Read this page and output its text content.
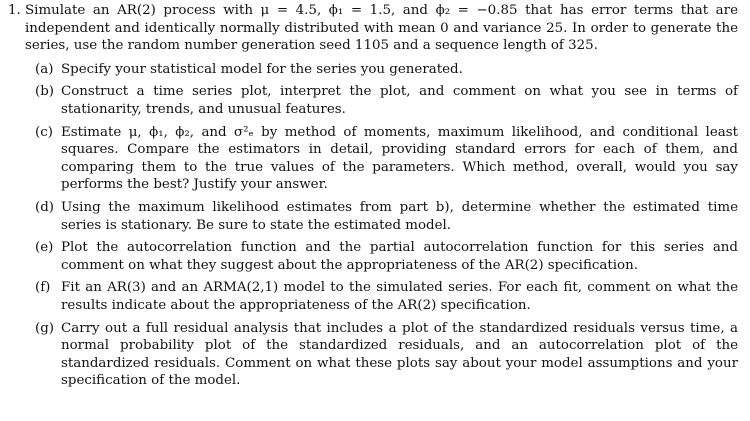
1. Simulate an AR(2) process with μ = 4.5, ϕ₁ = 1.5, and ϕ₂ = −0.85 that has error terms that are independent and identically normally distributed with mean 0 and variance 25. In order to generate the series, use the random number generation seed 1105 and a sequence length of 325.
(a) Specify your statistical model for the series you generated.
(b) Construct a time series plot, interpret the plot, and comment on what you see in terms of stationarity, trends, and unusual features.
(c) Estimate μ, ϕ₁, ϕ₂, and σ²ₑ by method of moments, maximum likelihood, and conditional least squares. Compare the estimators in detail, providing standard errors for each of them, and comparing them to the true values of the parameters. Which method, overall, would you say performs the best? Justify your answer.
(d) Using the maximum likelihood estimates from part b), determine whether the estimated time series is stationary. Be sure to state the estimated model.
(e) Plot the autocorrelation function and the partial autocorrelation function for this series and comment on what they suggest about the appropriateness of the AR(2) specification.
(f) Fit an AR(3) and an ARMA(2,1) model to the simulated series. For each fit, comment on what the results indicate about the appropriateness of the AR(2) specification.
(g) Carry out a full residual analysis that includes a plot of the standardized residuals versus time, a normal probability plot of the standardized residuals, and an autocorrelation plot of the standardized residuals. Comment on what these plots say about your model assumptions and your specification of the model.
